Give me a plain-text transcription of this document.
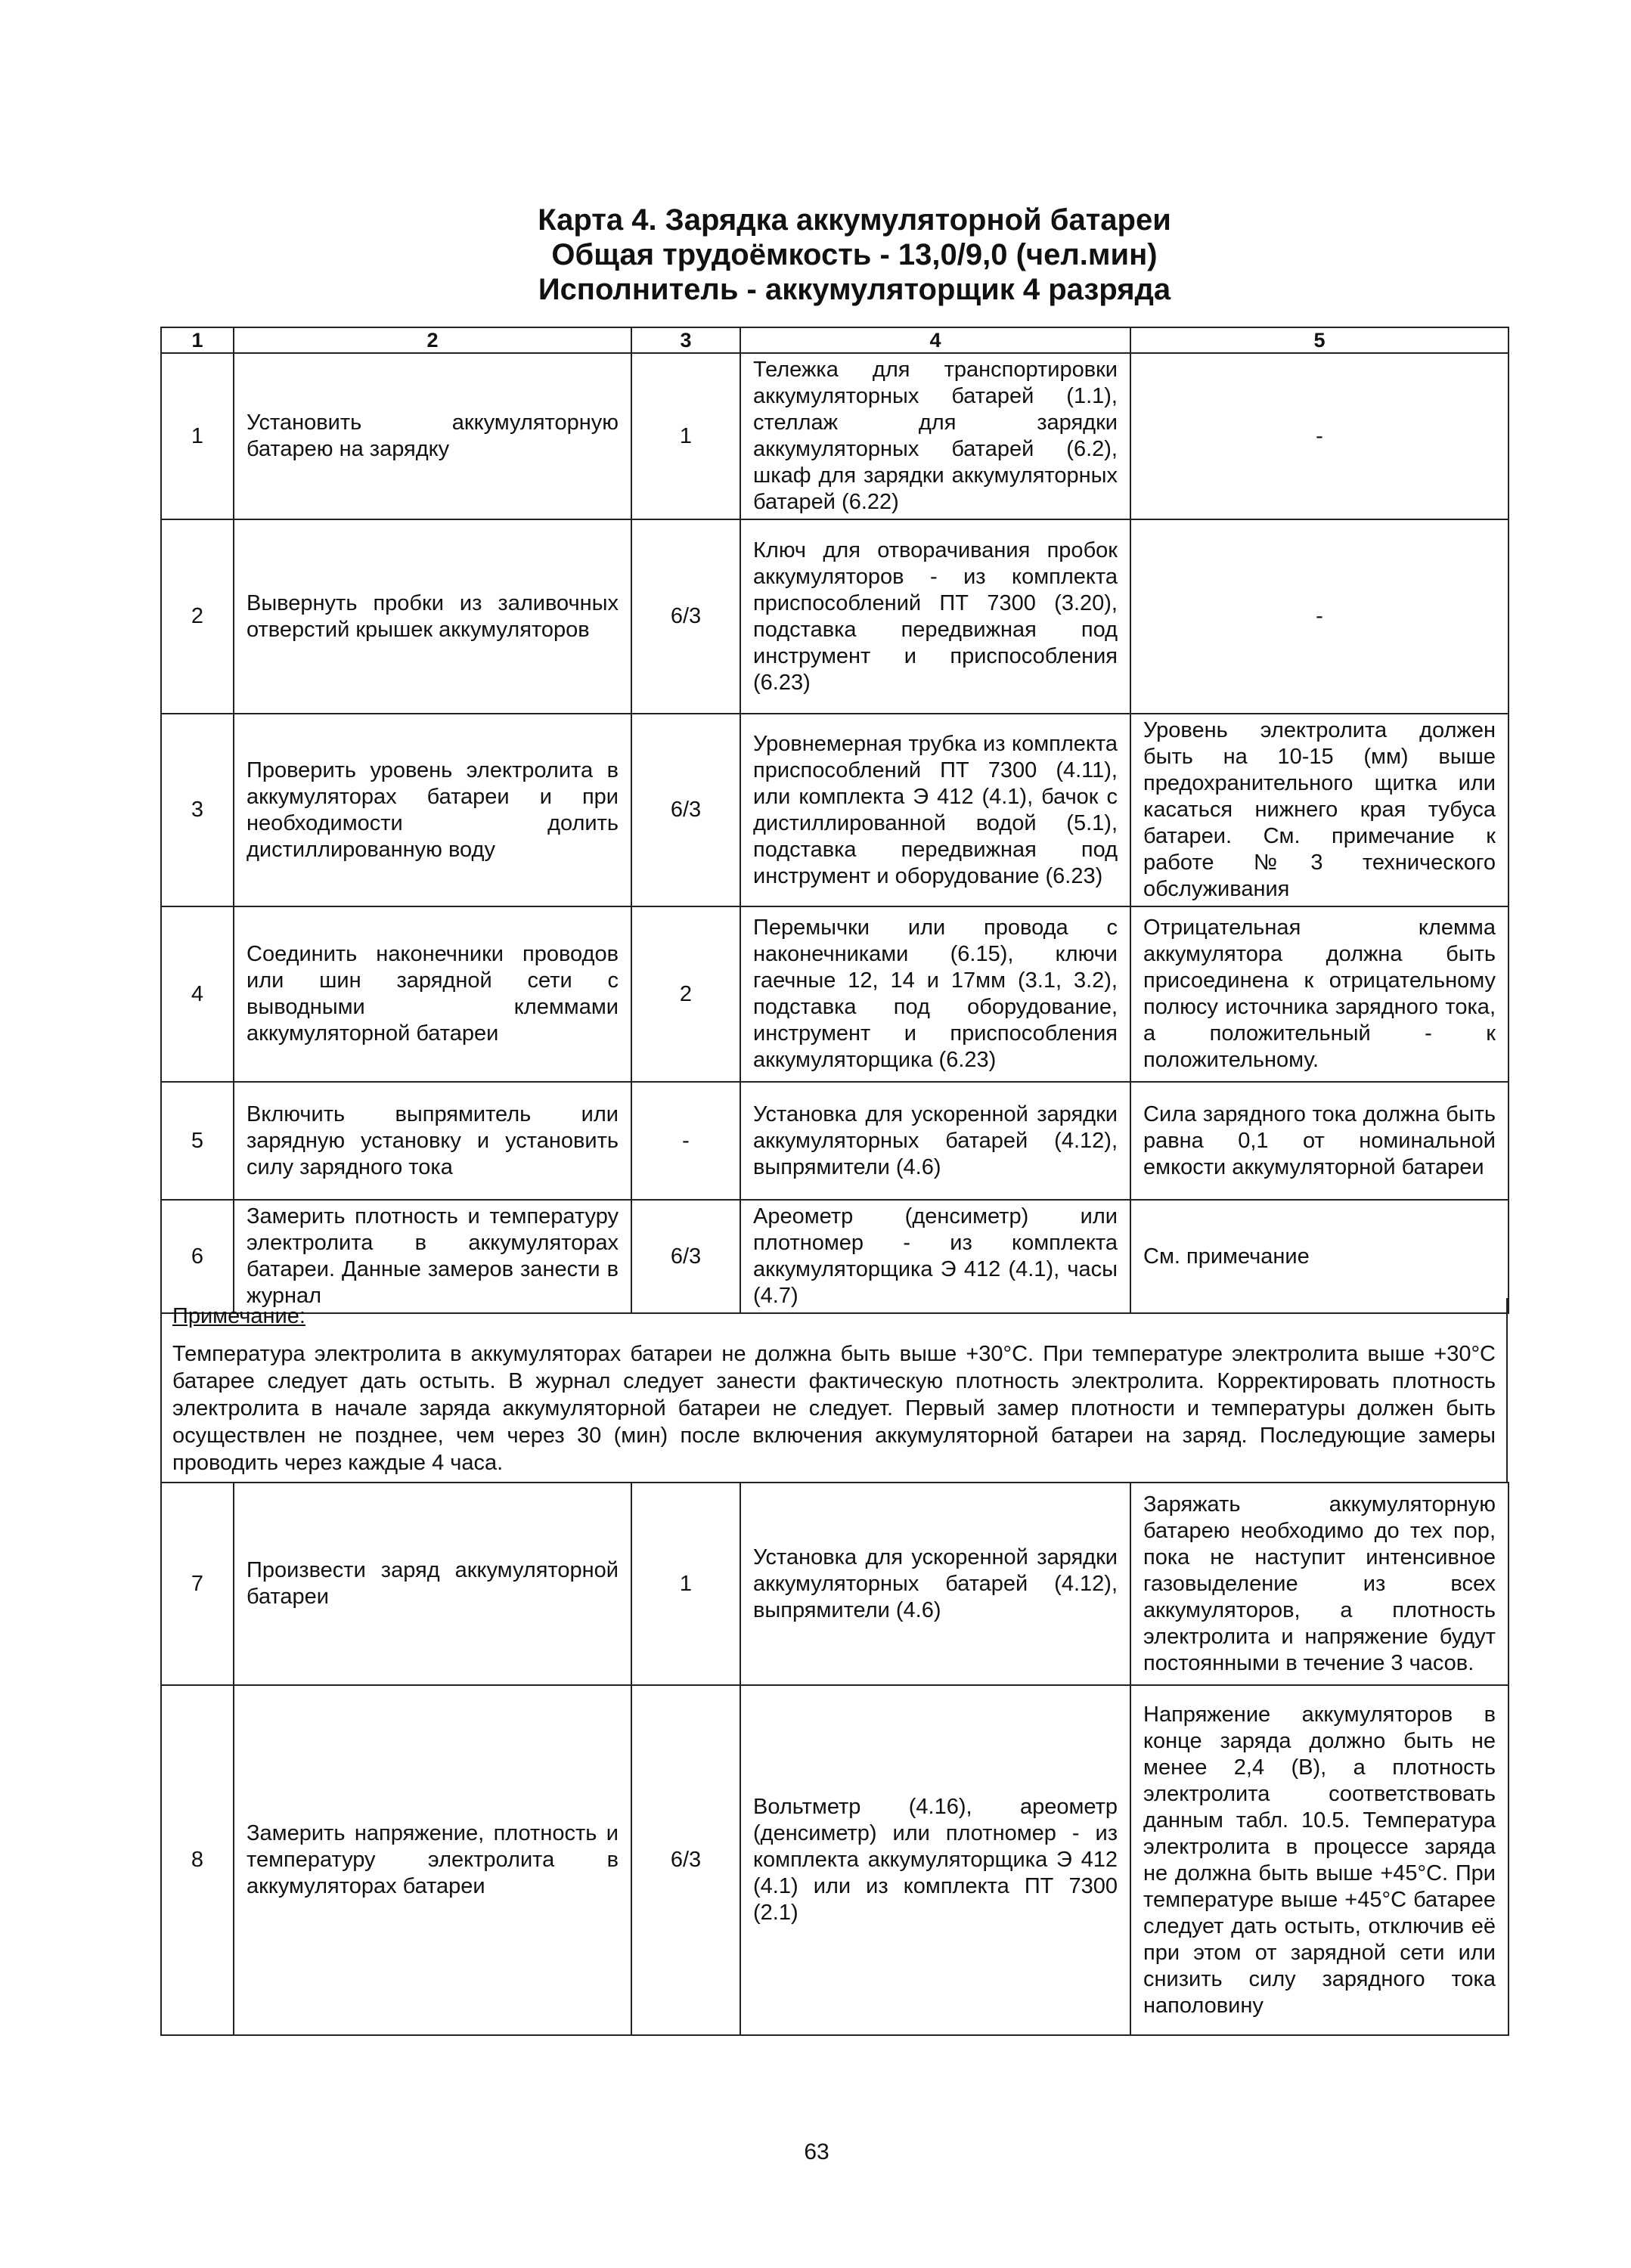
Карта 4. Зарядка аккумуляторной батареи
Общая трудоёмкость - 13,0/9,0 (чел.мин)
Исполнитель - аккумуляторщик 4 разряда
1	2	3	4	5
1	Установить аккумуляторную батарею на зарядку	1	Тележка для транспортировки аккумуляторных батарей (1.1), стеллаж для зарядки аккумуляторных батарей (6.2), шкаф для зарядки аккумуляторных батарей (6.22)	-
2	Вывернуть пробки из заливочных отверстий крышек аккумуляторов	6/3	Ключ для отворачивания пробок аккумуляторов - из комплекта приспособлений ПТ 7300 (3.20), подставка передвижная под инструмент и приспособления (6.23)	-
3	Проверить уровень электролита в аккумуляторах батареи и при необходимости долить дистиллированную воду	6/3	Уровнемерная трубка из комплекта приспособлений ПТ 7300 (4.11), или комплекта Э 412 (4.1), бачок с дистиллированной водой (5.1), подставка передвижная под инструмент и оборудование (6.23)	Уровень электролита должен быть на 10-15 (мм) выше предохранительного щитка или касаться нижнего края тубуса батареи. См. примечание к работе №3 технического обслуживания
4	Соединить наконечники проводов или шин зарядной сети с выводными клеммами аккумуляторной батареи	2	Перемычки или провода с наконечниками (6.15), ключи гаечные 12, 14 и 17мм (3.1, 3.2), подставка под оборудование, инструмент и приспособления аккумуляторщика (6.23)	Отрицательная клемма аккумулятора должна быть присоединена к отрицательному полюсу источника зарядного тока, а положительный - к положительному.
5	Включить выпрямитель или зарядную установку и установить силу зарядного тока	-	Установка для ускоренной зарядки аккумуляторных батарей (4.12), выпрямители (4.6)	Сила зарядного тока должна быть равна 0,1 от номинальной емкости аккумуляторной батареи
6	Замерить плотность и температуру электролита в аккумуляторах батареи. Данные замеров занести в журнал	6/3	Ареометр (денсиметр) или плотномер - из комплекта аккумуляторщика Э 412 (4.1), часы (4.7)	См. примечание
Примечание:
Температура электролита в аккумуляторах батареи не должна быть выше +30°С. При температуре электролита выше +30°С батарее следует дать остыть. В журнал следует занести фактическую плотность электролита. Корректировать плотность электролита в начале заряда аккумуляторной батареи не следует. Первый замер плотности и температуры должен быть осуществлен не позднее, чем через 30 (мин) после включения аккумуляторной батареи на заряд. Последующие замеры проводить через каждые 4 часа.
7	Произвести заряд аккумуляторной батареи	1	Установка для ускоренной зарядки аккумуляторных батарей (4.12), выпрямители (4.6)	Заряжать аккумуляторную батарею необходимо до тех пор, пока не наступит интенсивное газовыделение из всех аккумуляторов, а плотность электролита и напряжение будут постоянными в течение 3 часов.
8	Замерить напряжение, плотность и температуру электролита в аккумуляторах батареи	6/3	Вольтметр (4.16), ареометр (денсиметр) или плотномер - из комплекта аккумуляторщика Э 412 (4.1) или из комплекта ПТ 7300 (2.1)	Напряжение аккумуляторов в конце заряда должно быть не менее 2,4 (В), а плотность электролита соответствовать данным табл. 10.5. Температура электролита в процессе заряда не должна быть выше +45°С. При температуре выше +45°С батарее следует дать остыть, отключив её при этом от зарядной сети или снизить силу зарядного тока наполовину
63
